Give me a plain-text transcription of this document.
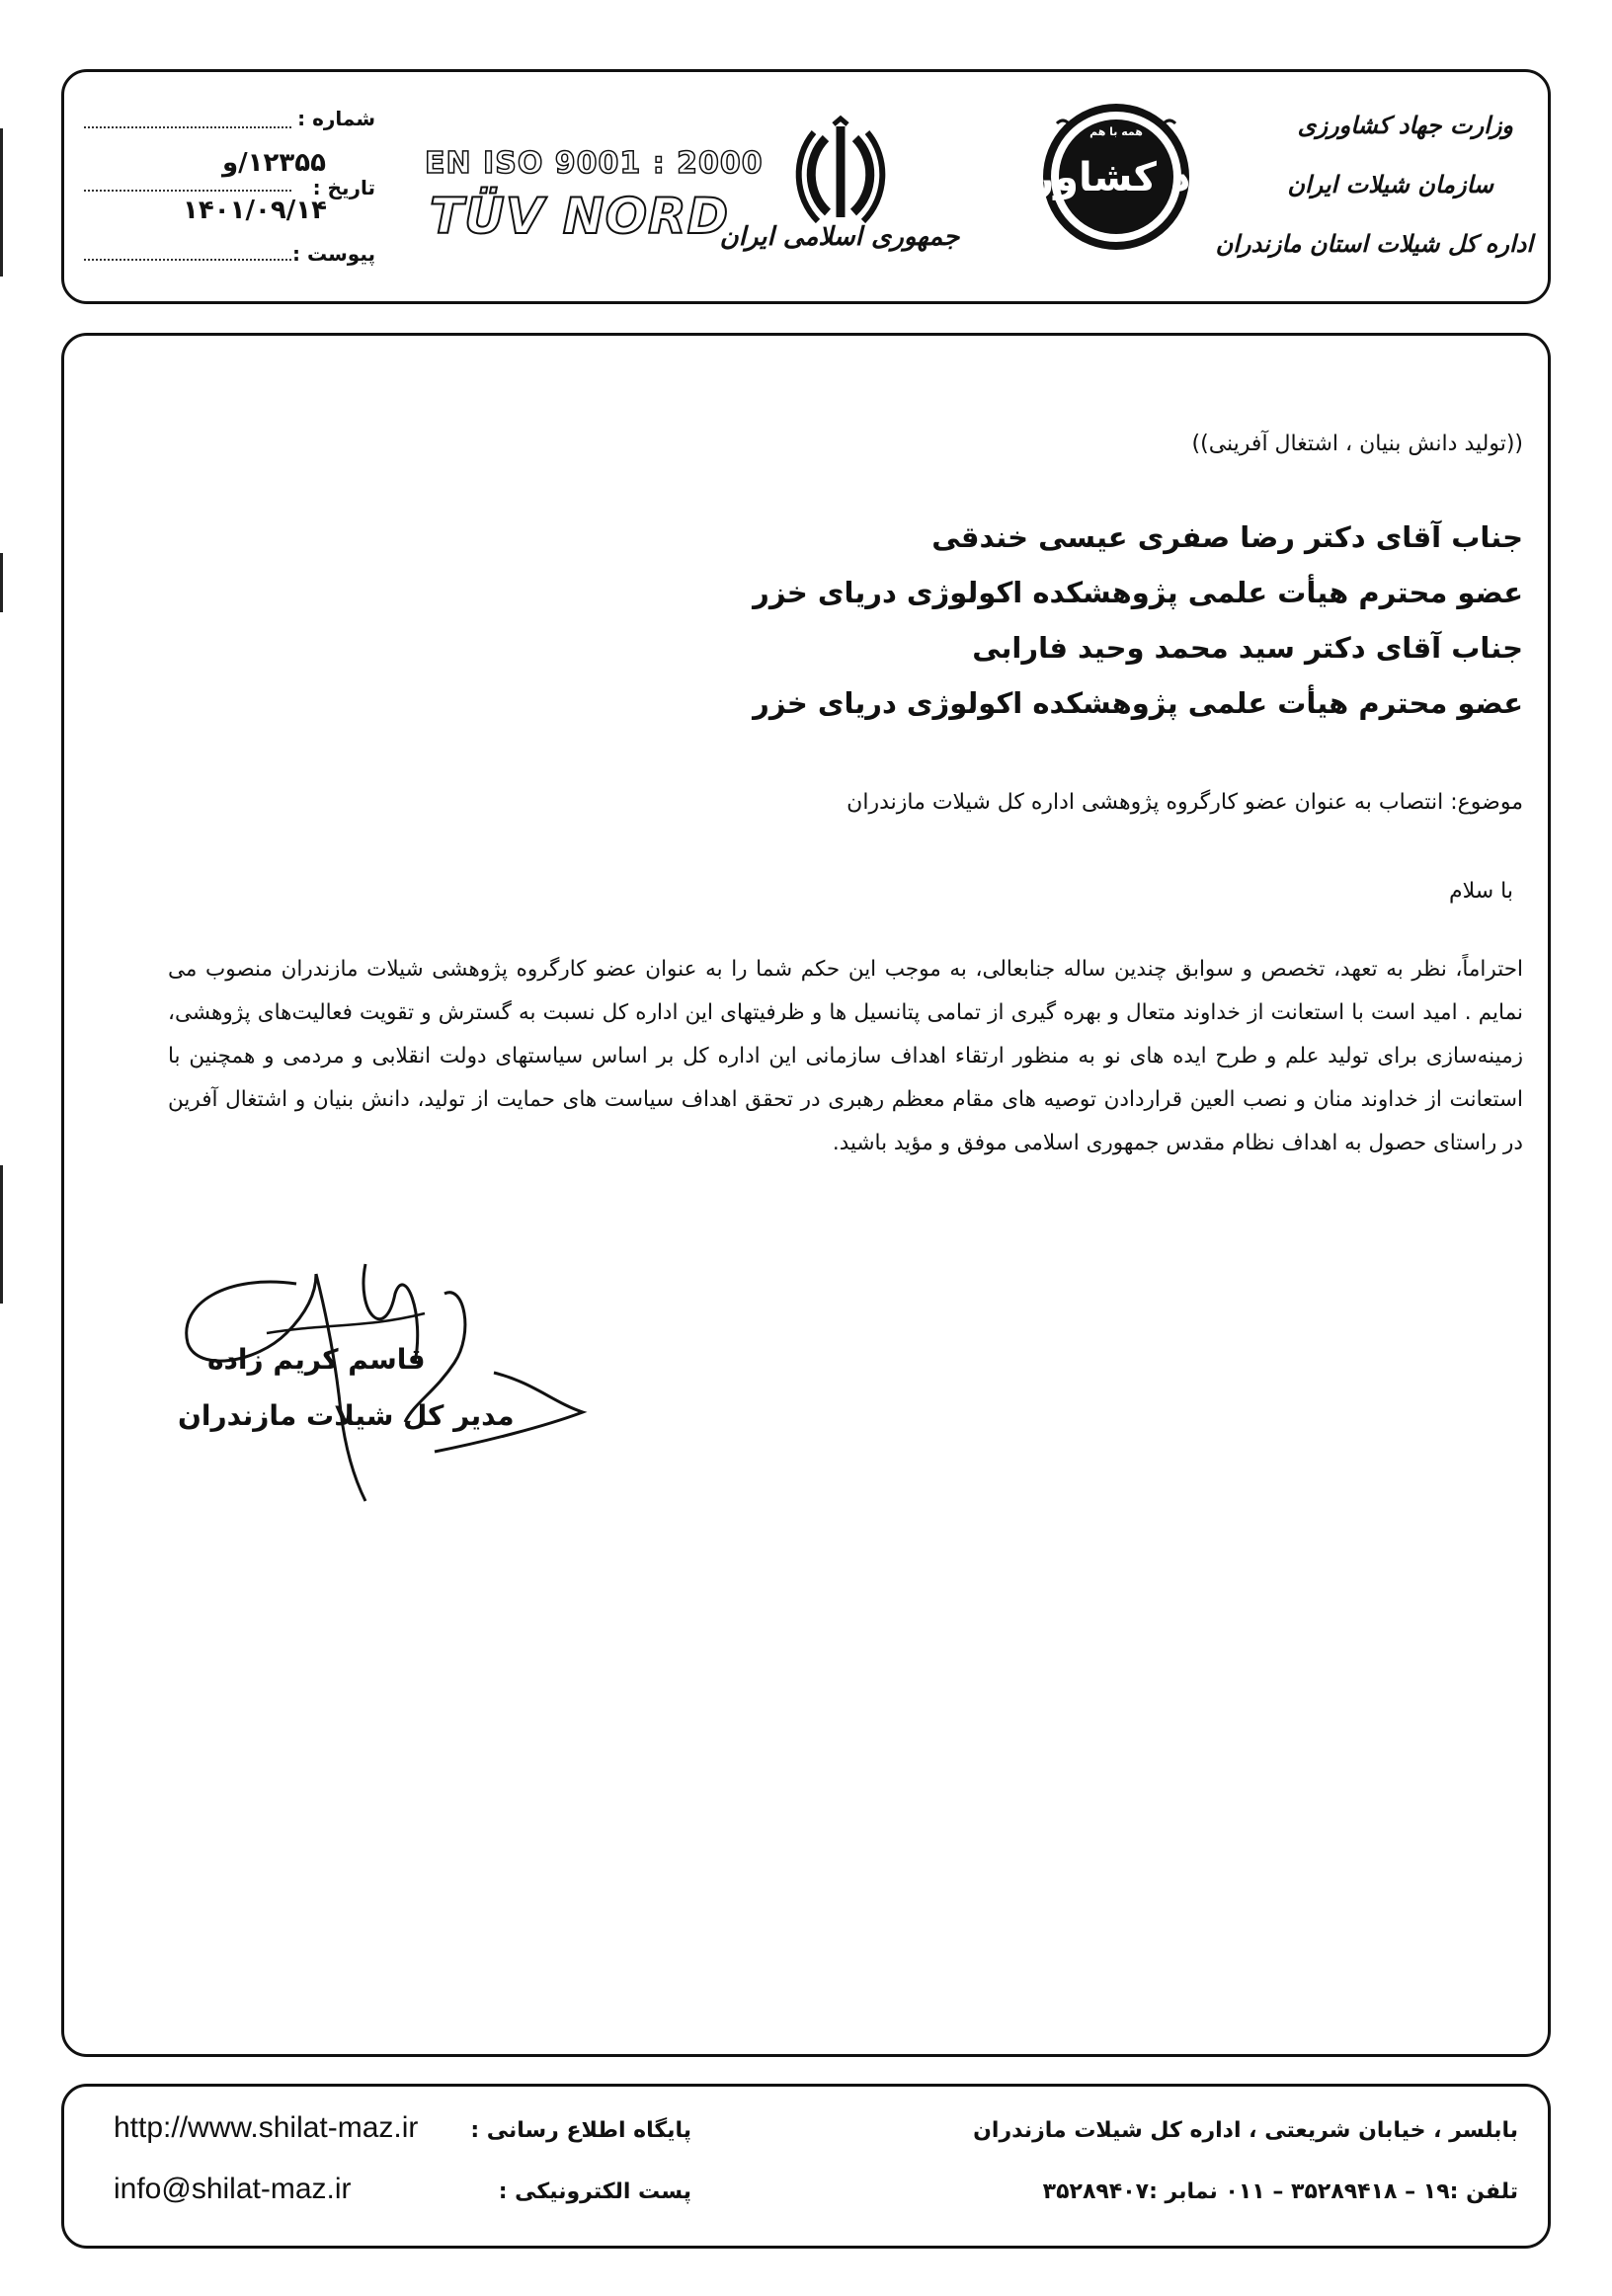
وزارت جهاد کشاورزی
سازمان شیلات ایران
اداره کل شیلات استان مازندران
همه با هم
جهاد کشاورزی
جمهوری اسلامی ایران
EN ISO 9001 : 2000
TÜV NORD
شماره :
۱۲۳۵۵/و
تاریخ :
۱۴۰۱/۰۹/۱۴
پیوست :
((تولید دانش بنیان ، اشتغال آفرینی))
جناب آقای دکتر رضا صفری عیسی خندقی
عضو محترم هیأت علمی پژوهشکده اکولوژی دریای خزر
جناب آقای دکتر سید محمد وحید فارابی
عضو محترم هیأت علمی پژوهشکده اکولوژی دریای خزر
موضوع: انتصاب به عنوان عضو کارگروه پژوهشی اداره کل شیلات مازندران
با سلام
احتراماً، نظر به تعهد، تخصص و سوابق چندین ساله جنابعالی، به موجب این حکم شما را به عنوان عضو کارگروه پژوهشی شیلات مازندران منصوب می نمایم . امید است با استعانت از خداوند متعال و بهره گیری از تمامی پتانسیل ها و ظرفیتهای این اداره کل نسبت به گسترش و تقویت فعالیت‌های پژوهشی، زمینه‌سازی برای تولید علم و طرح ایده های نو به منظور ارتقاء اهداف سازمانی این اداره کل بر اساس سیاستهای دولت انقلابی و مردمی و همچنین با استعانت از خداوند منان و نصب العین قراردادن توصیه های مقام معظم رهبری در تحقق اهداف سیاست های حمایت از تولید، دانش بنیان و اشتغال آفرین در راستای حصول به اهداف نظام مقدس جمهوری اسلامی موفق و مؤید باشید.
قاسم کریم زاده
مدیر کل شیلات مازندران
بابلسر ، خیابان شریعتی ، اداره کل شیلات مازندران
تلفن :۱۹ – ۳۵۲۸۹۴۱۸ – ۰۱۱ نمابر :۳۵۲۸۹۴۰۷
پایگاه اطلاع رسانی :
پست الکترونیکی :
http://www.shilat-maz.ir
info@shilat-maz.ir
